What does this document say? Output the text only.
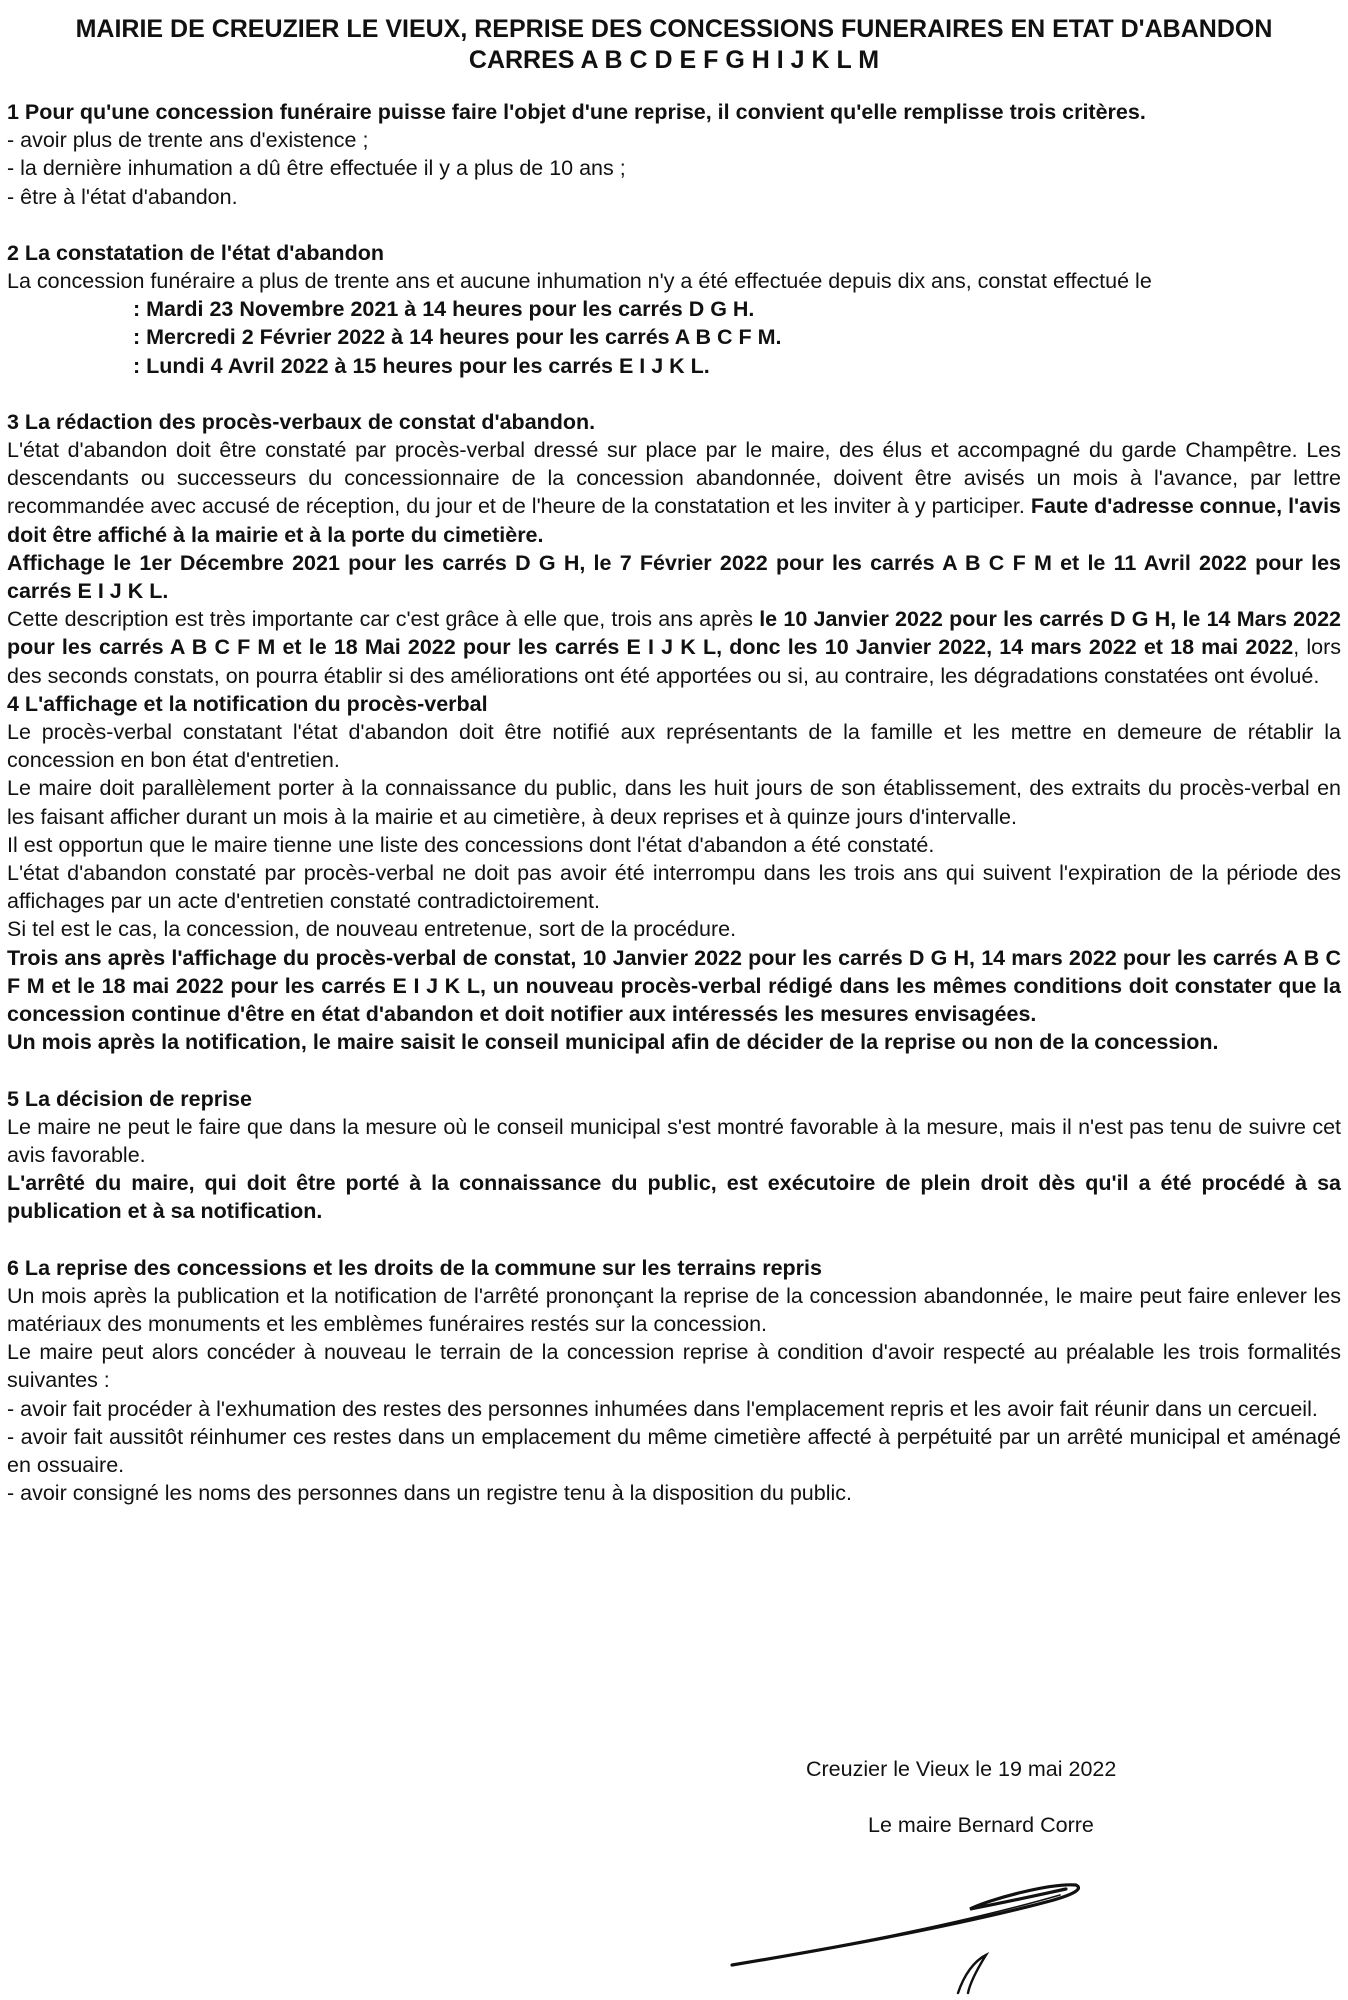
MAIRIE DE CREUZIER LE VIEUX, REPRISE DES CONCESSIONS FUNERAIRES EN ETAT D'ABANDON
CARRES A B C D E F G H I J K L M

1 Pour qu'une concession funéraire puisse faire l'objet d'une reprise, il convient qu'elle remplisse trois critères.

- avoir plus de trente ans d'existence ;

- la dernière inhumation a dû être effectuée il y a plus de 10 ans ;

- être à l'état d'abandon.

2 La constatation de l'état d'abandon

La concession funéraire a plus de trente ans et aucune inhumation n'y a été effectuée depuis dix ans, constat effectué le

: Mardi 23 Novembre 2021 à 14 heures pour les carrés D G H.

: Mercredi 2 Février 2022 à 14 heures pour les carrés A B C F M.

: Lundi 4 Avril 2022 à 15 heures pour les carrés E I J K L.

3 La rédaction des procès-verbaux de constat d'abandon.

L'état d'abandon doit être constaté par procès-verbal dressé sur place par le maire, des élus et accompagné du garde Champêtre. Les descendants ou successeurs du concessionnaire de la concession abandonnée, doivent être avisés un mois à l'avance, par lettre recommandée avec accusé de réception, du jour et de l'heure de la constatation et les inviter à y participer. Faute d'adresse connue, l'avis doit être affiché à la mairie et à la porte du cimetière.

Affichage le 1er Décembre 2021 pour les carrés D G H, le 7 Février 2022 pour les carrés A B C F M et le 11 Avril 2022 pour les carrés E I J K L.

Cette description est très importante car c'est grâce à elle que, trois ans après le 10 Janvier 2022 pour les carrés D G H, le 14 Mars 2022 pour les carrés A B C F M et le 18 Mai 2022 pour les carrés E I J K L, donc les 10 Janvier 2022, 14 mars 2022 et 18 mai 2022, lors des seconds constats, on pourra établir si des améliorations ont été apportées ou si, au contraire, les dégradations constatées ont évolué.

4 L'affichage et la notification du procès-verbal

Le procès-verbal constatant l'état d'abandon doit être notifié aux représentants de la famille et les mettre en demeure de rétablir la concession en bon état d'entretien.

Le maire doit parallèlement porter à la connaissance du public, dans les huit jours de son établissement, des extraits du procès-verbal en les faisant afficher durant un mois à la mairie et au cimetière, à deux reprises et à quinze jours d'intervalle.

Il est opportun que le maire tienne une liste des concessions dont l'état d'abandon a été constaté.

L'état d'abandon constaté par procès-verbal ne doit pas avoir été interrompu dans les trois ans qui suivent l'expiration de la période des affichages par un acte d'entretien constaté contradictoirement.

Si tel est le cas, la concession, de nouveau entretenue, sort de la procédure.

Trois ans après l'affichage du procès-verbal de constat, 10 Janvier 2022 pour les carrés D G H, 14 mars 2022 pour les carrés A B C F M et le 18 mai 2022 pour les carrés E I J K L, un nouveau procès-verbal rédigé dans les mêmes conditions doit constater que la concession continue d'être en état d'abandon et doit notifier aux intéressés les mesures envisagées.

Un mois après la notification, le maire saisit le conseil municipal afin de décider de la reprise ou non de la concession.

5 La décision de reprise

Le maire ne peut le faire que dans la mesure où le conseil municipal s'est montré favorable à la mesure, mais il n'est pas tenu de suivre cet avis favorable.

L'arrêté du maire, qui doit être porté à la connaissance du public, est exécutoire de plein droit dès qu'il a été procédé à sa publication et à sa notification.

6 La reprise des concessions et les droits de la commune sur les terrains repris

Un mois après la publication et la notification de l'arrêté prononçant la reprise de la concession abandonnée, le maire peut faire enlever les matériaux des monuments et les emblèmes funéraires restés sur la concession.

Le maire peut alors concéder à nouveau le terrain de la concession reprise à condition d'avoir respecté au préalable les trois formalités suivantes :

- avoir fait procéder à l'exhumation des restes des personnes inhumées dans l'emplacement repris et les avoir fait réunir dans un cercueil.

- avoir fait aussitôt réinhumer ces restes dans un emplacement du même cimetière affecté à perpétuité par un arrêté municipal et aménagé en ossuaire.

- avoir consigné les noms des personnes dans un registre tenu à la disposition du public.

Creuzier le Vieux le 19 mai 2022
Le maire Bernard Corre
